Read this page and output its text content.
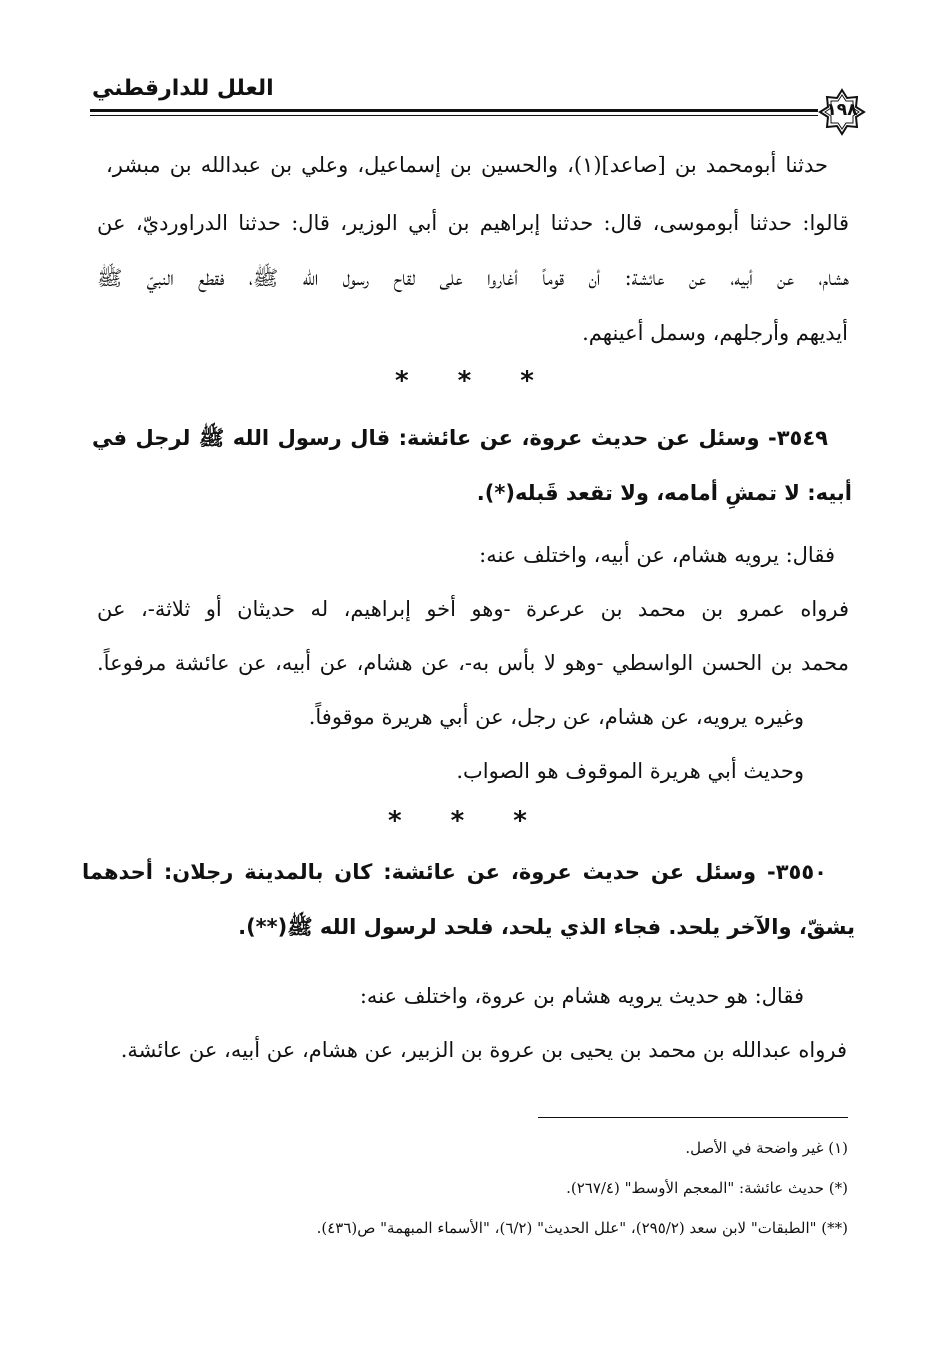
العلل للدارقطني
١٩٨
حدثنا أبومحمد بن [صاعد](١)، والحسين بن إسماعيل، وعلي بن عبدالله بن مبشر،
قالوا: حدثنا أبوموسى، قال: حدثنا إبراهيم بن أبي الوزير، قال: حدثنا الدراورديّ، عن
هشام، عن أبيه، عن عائشة: أن قوماً أغاروا على لقاح رسول الله ﷺ، فقطع النبيّ ﷺ
أيديهم وأرجلهم، وسمل أعينهم.
* * *
٣٥٤٩- وسئل عن حديث عروة، عن عائشة: قال رسول الله ﷺ لرجل في
أبيه: لا تمشِ أمامه، ولا تقعد قَبله(*).
فقال: يرويه هشام، عن أبيه، واختلف عنه:
فرواه عمرو بن محمد بن عرعرة -وهو أخو إبراهيم، له حديثان أو ثلاثة-، عن
محمد بن الحسن الواسطي -وهو لا بأس به-، عن هشام، عن أبيه، عن عائشة مرفوعاً.
وغيره يرويه، عن هشام، عن رجل، عن أبي هريرة موقوفاً.
وحديث أبي هريرة الموقوف هو الصواب.
* * *
٣٥٥٠- وسئل عن حديث عروة، عن عائشة: كان بالمدينة رجلان: أحدهما
يشقّ، والآخر يلحد. فجاء الذي يلحد، فلحد لرسول الله ﷺ(**).
فقال: هو حديث يرويه هشام بن عروة، واختلف عنه:
فرواه عبدالله بن محمد بن يحيى بن عروة بن الزبير، عن هشام، عن أبيه، عن عائشة.
(١) غير واضحة في الأصل.
(*) حديث عائشة: "المعجم الأوسط" (٢٦٧/٤).
(**) "الطبقات" لابن سعد (٢٩٥/٢)، "علل الحديث" (٦/٢)، "الأسماء المبهمة" ص(٤٣٦).
